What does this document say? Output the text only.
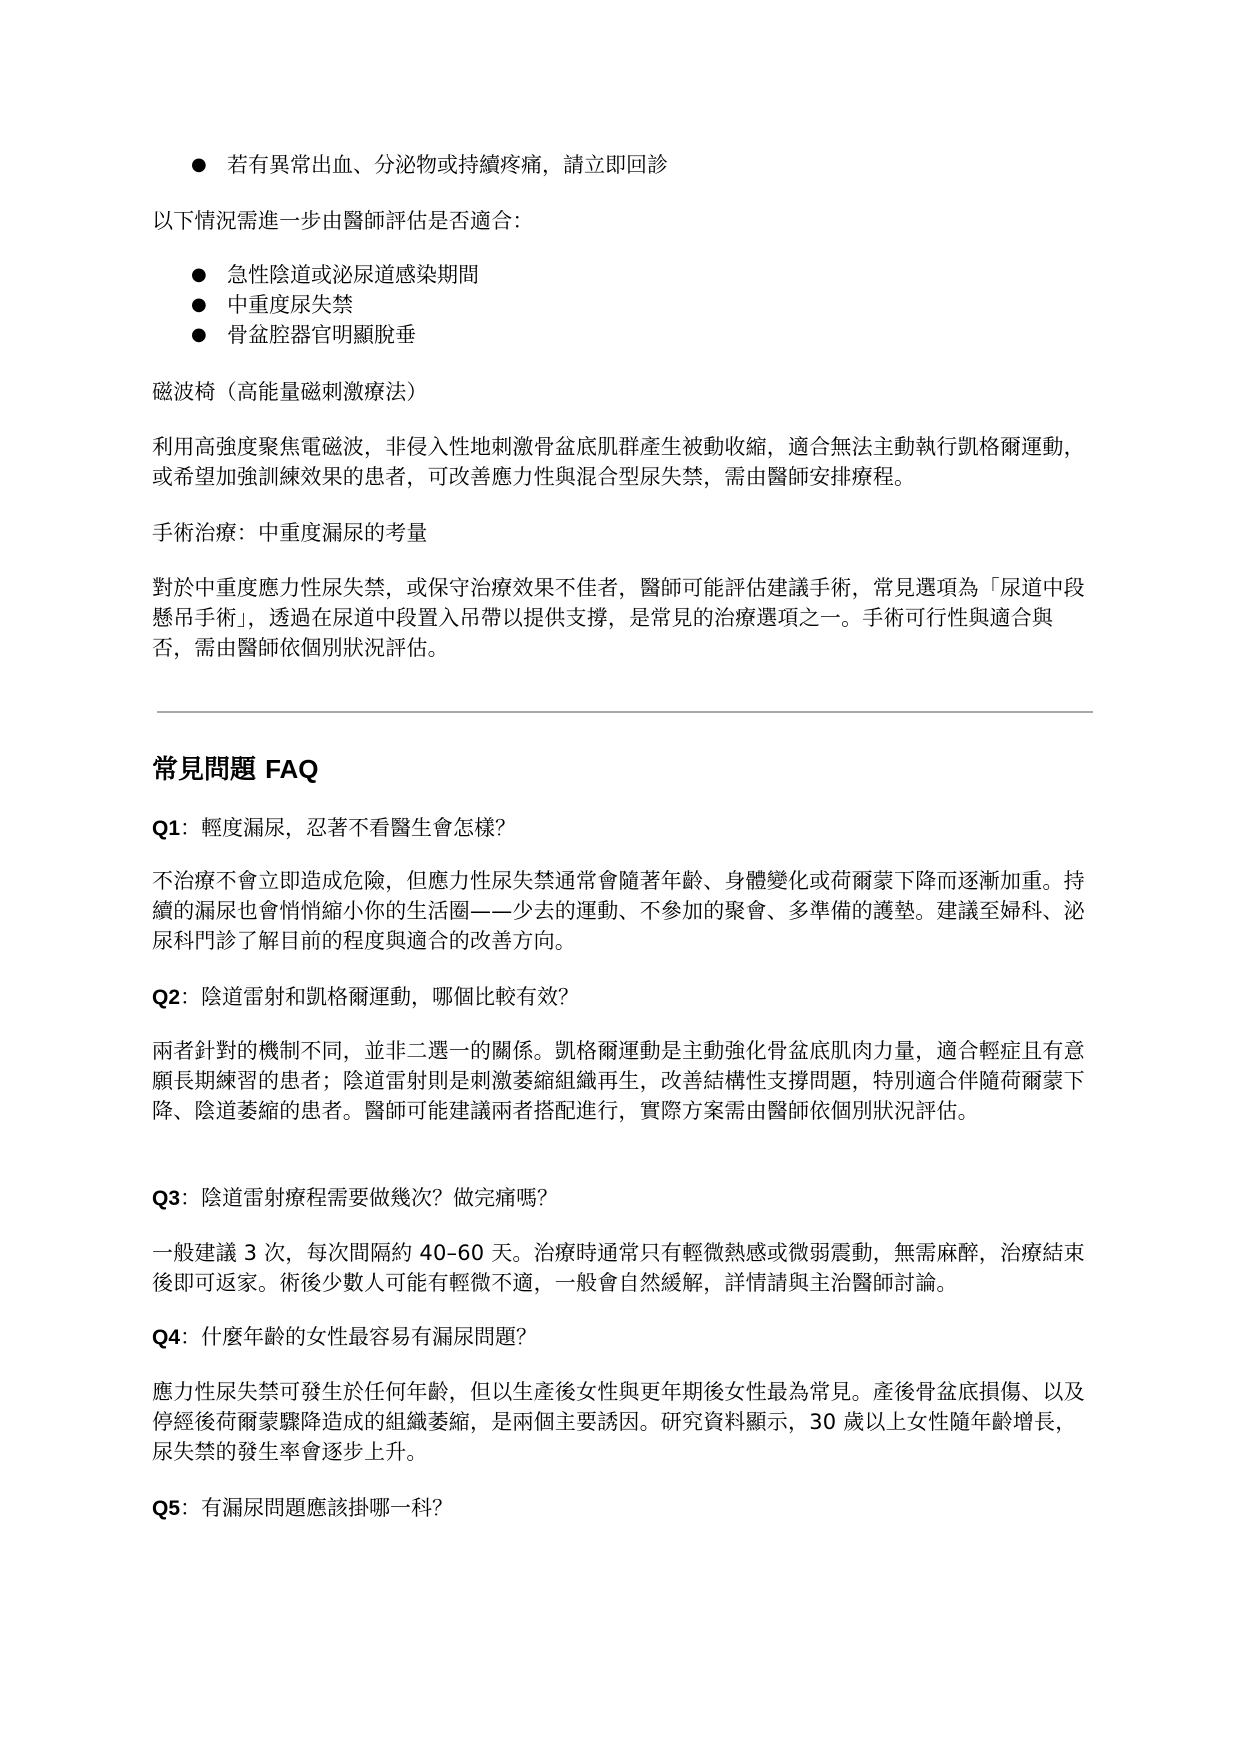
● 若有異常出血、分泌物或持續疼痛，請立即回診

以下情況需進一步由醫師評估是否適合：

● 急性陰道或泌尿道感染期間
● 中重度尿失禁
● 骨盆腔器官明顯脫垂

磁波椅（高能量磁刺激療法）

利用高強度聚焦電磁波，非侵入性地刺激骨盆底肌群產生被動收縮，適合無法主動執行凱格爾運動，或希望加強訓練效果的患者，可改善應力性與混合型尿失禁，需由醫師安排療程。

手術治療：中重度漏尿的考量

對於中重度應力性尿失禁，或保守治療效果不佳者，醫師可能評估建議手術，常見選項為「尿道中段懸吊手術」，透過在尿道中段置入吊帶以提供支撐，是常見的治療選項之一。手術可行性與適合與否，需由醫師依個別狀況評估。

常見問題 FAQ

Q1：輕度漏尿，忍著不看醫生會怎樣？

不治療不會立即造成危險，但應力性尿失禁通常會隨著年齡、身體變化或荷爾蒙下降而逐漸加重。持續的漏尿也會悄悄縮小你的生活圈——少去的運動、不參加的聚會、多準備的護墊。建議至婦科、泌尿科門診了解目前的程度與適合的改善方向。

Q2：陰道雷射和凱格爾運動，哪個比較有效？

兩者針對的機制不同，並非二選一的關係。凱格爾運動是主動強化骨盆底肌肉力量，適合輕症且有意願長期練習的患者；陰道雷射則是刺激萎縮組織再生，改善結構性支撐問題，特別適合伴隨荷爾蒙下降、陰道萎縮的患者。醫師可能建議兩者搭配進行，實際方案需由醫師依個別狀況評估。

Q3：陰道雷射療程需要做幾次？做完痛嗎？

一般建議 3 次，每次間隔約 40–60 天。治療時通常只有輕微熱感或微弱震動，無需麻醉，治療結束後即可返家。術後少數人可能有輕微不適，一般會自然緩解，詳情請與主治醫師討論。

Q4：什麼年齡的女性最容易有漏尿問題？

應力性尿失禁可發生於任何年齡，但以生產後女性與更年期後女性最為常見。產後骨盆底損傷、以及停經後荷爾蒙驟降造成的組織萎縮，是兩個主要誘因。研究資料顯示，30 歲以上女性隨年齡增長，尿失禁的發生率會逐步上升。

Q5：有漏尿問題應該掛哪一科？
